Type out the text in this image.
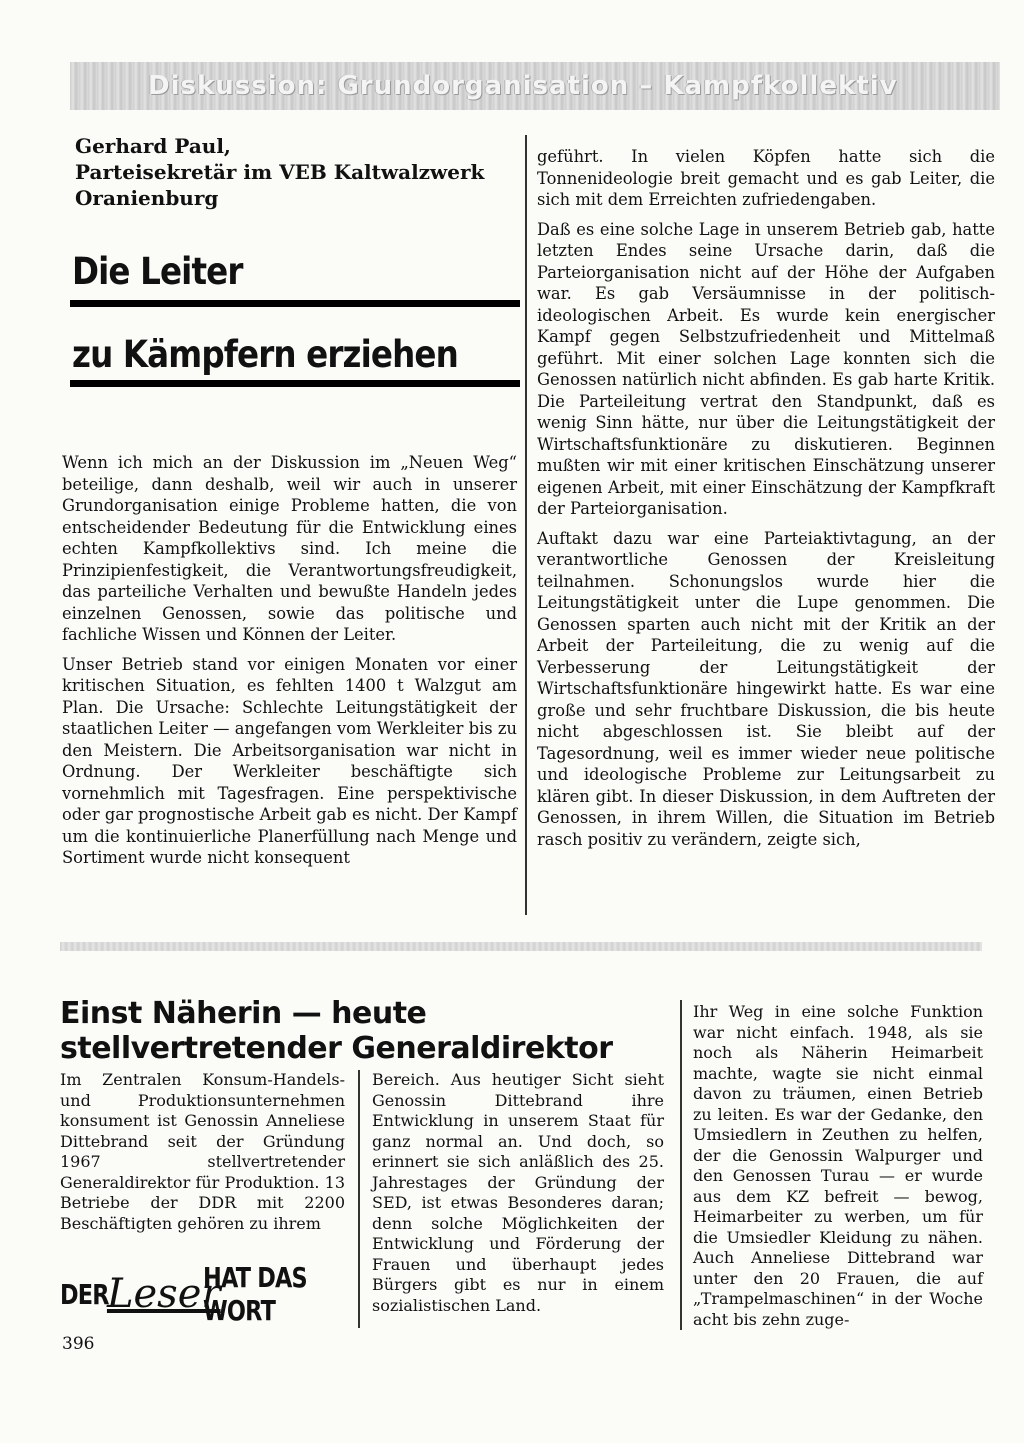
Diskussion: Grundorganisation – Kampfkollektiv
Gerhard Paul,
Parteisekretär im VEB Kaltwalzwerk
Oranienburg
Die Leiter
zu Kämpfern erziehen

Wenn ich mich an der Diskussion im „Neuen Weg“ beteilige, dann deshalb, weil wir auch in unserer Grundorganisation einige Probleme hatten, die von entscheidender Bedeutung für die Entwicklung eines echten Kampfkollektivs sind. Ich meine die Prinzipienfestigkeit, die Verantwortungsfreudigkeit, das parteiliche Verhalten und bewußte Handeln jedes einzelnen Genossen, sowie das politische und fachliche Wissen und Können der Leiter.

Unser Betrieb stand vor einigen Monaten vor einer kritischen Situation, es fehlten 1400 t Walzgut am Plan. Die Ursache: Schlechte Leitungstätigkeit der staatlichen Leiter — angefangen vom Werkleiter bis zu den Meistern. Die Arbeitsorganisation war nicht in Ordnung. Der Werkleiter beschäftigte sich vornehmlich mit Tagesfragen. Eine perspektivische oder gar prognostische Arbeit gab es nicht. Der Kampf um die kontinuierliche Planerfüllung nach Menge und Sortiment wurde nicht konsequent

geführt. In vielen Köpfen hatte sich die Tonnenideologie breit gemacht und es gab Leiter, die sich mit dem Erreichten zufriedengaben.

Daß es eine solche Lage in unserem Betrieb gab, hatte letzten Endes seine Ursache darin, daß die Parteiorganisation nicht auf der Höhe der Aufgaben war. Es gab Versäumnisse in der politisch-ideologischen Arbeit. Es wurde kein energischer Kampf gegen Selbstzufriedenheit und Mittelmaß geführt. Mit einer solchen Lage konnten sich die Genossen natürlich nicht abfinden. Es gab harte Kritik. Die Parteileitung vertrat den Standpunkt, daß es wenig Sinn hätte, nur über die Leitungstätigkeit der Wirtschaftsfunktionäre zu diskutieren. Beginnen mußten wir mit einer kritischen Einschätzung unserer eigenen Arbeit, mit einer Einschätzung der Kampfkraft der Parteiorganisation.

Auftakt dazu war eine Parteiaktivtagung, an der verantwortliche Genossen der Kreisleitung teilnahmen. Schonungslos wurde hier die Leitungstätigkeit unter die Lupe genommen. Die Genossen sparten auch nicht mit der Kritik an der Arbeit der Parteileitung, die zu wenig auf die Verbesserung der Leitungstätigkeit der Wirtschaftsfunktionäre hingewirkt hatte. Es war eine große und sehr fruchtbare Diskussion, die bis heute nicht abgeschlossen ist. Sie bleibt auf der Tagesordnung, weil es immer wieder neue politische und ideologische Probleme zur Leitungsarbeit zu klären gibt. In dieser Diskussion, in dem Auftreten der Genossen, in ihrem Willen, die Situation im Betrieb rasch positiv zu verändern, zeigte sich,

Einst Näherin — heute
stellvertretender Generaldirektor

Im Zentralen Konsum-Handels- und Produktionsunternehmen konsument ist Genossin Anneliese Dittebrand seit der Gründung 1967 stellvertretender Generaldirektor für Produktion. 13 Betriebe der DDR mit 2200 Beschäftigten gehören zu ihrem

Bereich. Aus heutiger Sicht sieht Genossin Dittebrand ihre Entwicklung in unserem Staat für ganz normal an. Und doch, so erinnert sie sich anläßlich des 25. Jahrestages der Gründung der SED, ist etwas Besonderes daran; denn solche Möglichkeiten der Entwicklung und Förderung der Frauen und überhaupt jedes Bürgers gibt es nur in einem sozialistischen Land.

Ihr Weg in eine solche Funktion war nicht einfach. 1948, als sie noch als Näherin Heimarbeit machte, wagte sie nicht einmal davon zu träumen, einen Betrieb zu leiten. Es war der Gedanke, den Umsiedlern in Zeuthen zu helfen, der die Genossin Walpurger und den Genossen Turau — er wurde aus dem KZ befreit — bewog, Heimarbeiter zu werben, um für die Umsiedler Kleidung zu nähen. Auch Anneliese Dittebrand war unter den 20 Frauen, die auf „Trampelmaschinen“ in der Woche acht bis zehn zuge-

DER
Leser
HAT DAS WORT
396
